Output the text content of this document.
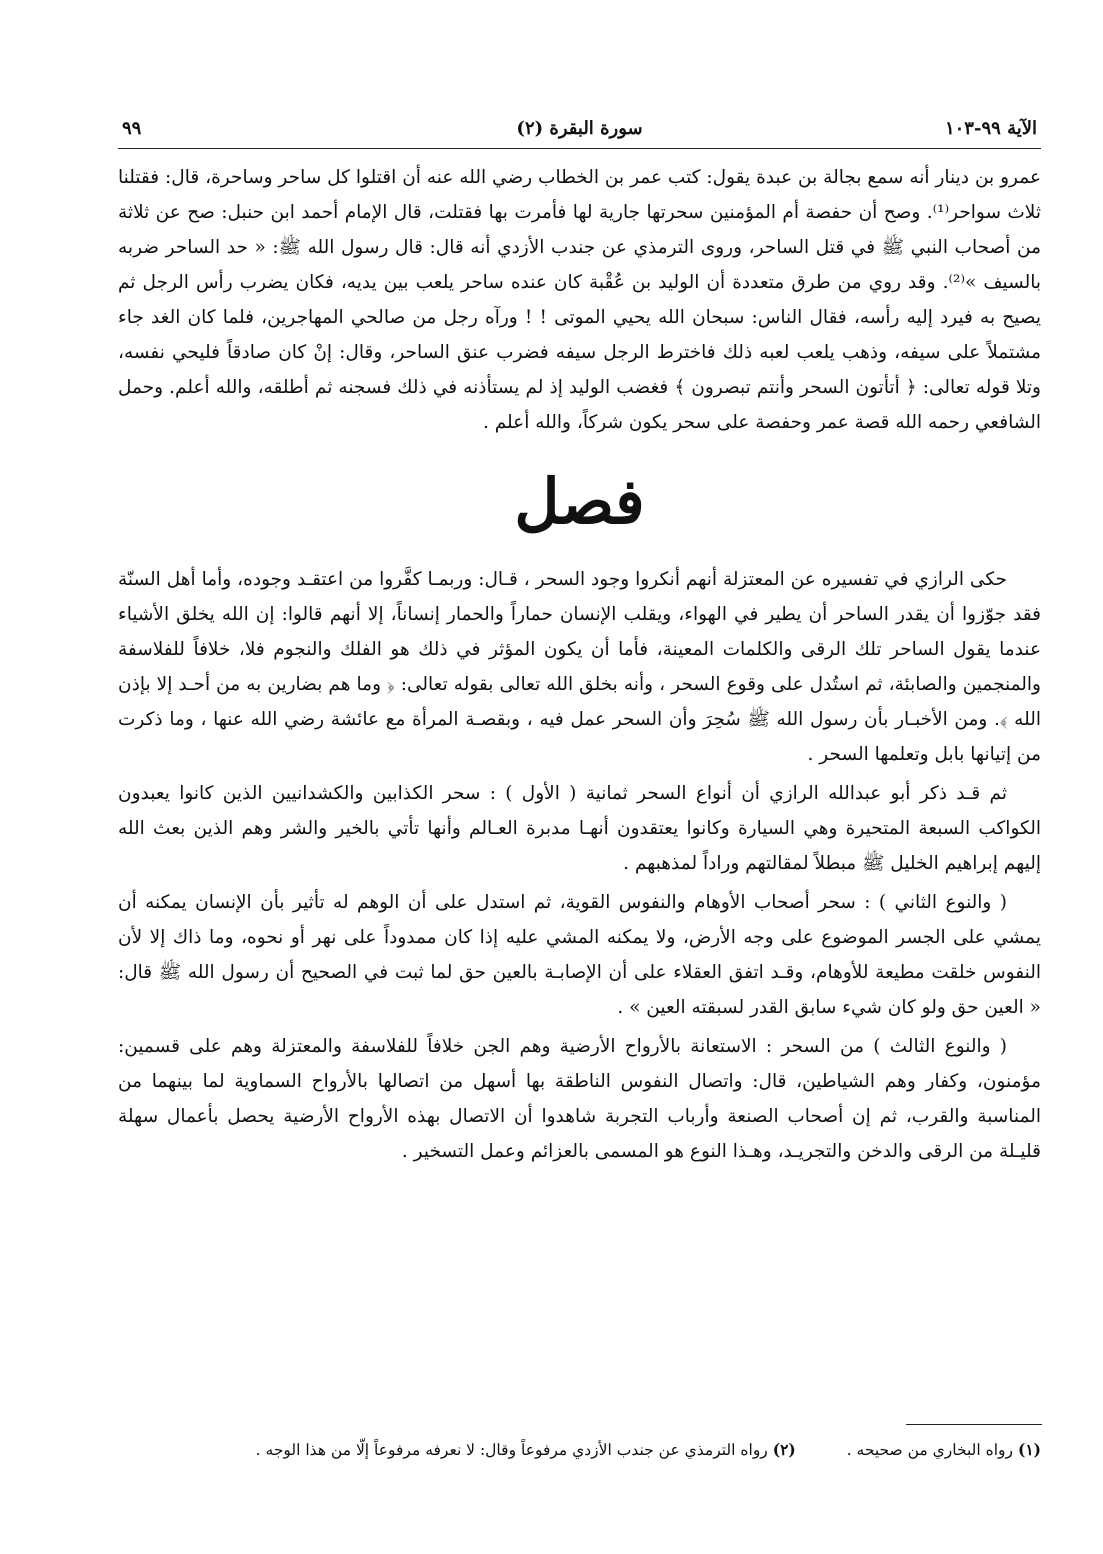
٩٩	(٢) سورة البقرة	الآية ٩٩-١٠٣

عمرو بن دينار أنه سمع بجالة بن عبدة يقول: كتب عمر بن الخطاب رضي الله عنه أن اقتلوا كل ساحر وساحرة، قال: فقتلنا ثلاث سواحر⁽¹⁾. وصح أن حفصة أم المؤمنين سحرتها جارية لها فأمرت بها فقتلت، قال الإمام أحمد ابن حنبل: صح عن ثلاثة من أصحاب النبي ﷺ في قتل الساحر، وروى الترمذي عن جندب الأزدي أنه قال: قال رسول الله ﷺ: « حد الساحر ضربه بالسيف »⁽²⁾. وقد روي من طرق متعددة أن الوليد بن عُقْبة كان عنده ساحر يلعب بين يديه، فكان يضرب رأس الرجل ثم يصيح به فيرد إليه رأسه، فقال الناس: سبحان الله يحيي الموتى ! ! ورآه رجل من صالحي المهاجرين، فلما كان الغد جاء مشتملاً على سيفه، وذهب يلعب لعبه ذلك فاخترط الرجل سيفه فضرب عنق الساحر، وقال: إنْ كان صادقاً فليحي نفسه، وتلا قوله تعالى: ﴿ أتأتون السحر وأنتم تبصرون ﴾ فغضب الوليد إذ لم يستأذنه في ذلك فسجنه ثم أطلقه، والله أعلم. وحمل الشافعي رحمه الله قصة عمر وحفصة على سحر يكون شركاً، والله أعلم .

فصل

حكى الرازي في تفسيره عن المعتزلة أنهم أنكروا وجود السحر ، قـال: وربمـا كفَّروا من اعتقـد وجوده، وأما أهل السنّة فقد جوّزوا أن يقدر الساحر أن يطير في الهواء، ويقلب الإنسان حماراً والحمار إنساناً، إلا أنهم قالوا: إن الله يخلق الأشياء عندما يقول الساحر تلك الرقى والكلمات المعينة، فأما أن يكون المؤثر في ذلك هو الفلك والنجوم فلا، خلافاً للفلاسفة والمنجمين والصابئة، ثم استُدل على وقوع السحر ، وأنه بخلق الله تعالى بقوله تعالى: ﴿ وما هم بضارين به من أحـد إلا بإذن الله ﴾. ومن الأخبـار بأن رسول الله ﷺ سُحِرَ وأن السحر عمل فيه ، وبقصـة المرأة مع عائشة رضي الله عنها ، وما ذكرت من إتيانها بابل وتعلمها السحر .

ثم قـد ذكر أبو عبدالله الرازي أن أنواع السحر ثمانية ( الأول ) : سحر الكذابين والكشدانيين الذين كانوا يعبدون الكواكب السبعة المتحيرة وهي السيارة وكانوا يعتقدون أنهـا مدبرة العـالم وأنها تأتي بالخير والشر وهم الذين بعث الله إليهم إبراهيم الخليل ﷺ مبطلاً لمقالتهم وراداً لمذهبهم .

( والنوع الثاني ) : سحر أصحاب الأوهام والنفوس القوية، ثم استدل على أن الوهم له تأثير بأن الإنسان يمكنه أن يمشي على الجسر الموضوع على وجه الأرض، ولا يمكنه المشي عليه إذا كان ممدوداً على نهر أو نحوه، وما ذاك إلا لأن النفوس خلقت مطيعة للأوهام، وقـد اتفق العقلاء على أن الإصابـة بالعين حق لما ثبت في الصحيح أن رسول الله ﷺ قال: « العين حق ولو كان شيء سابق القدر لسبقته العين » .

( والنوع الثالث ) من السحر : الاستعانة بالأرواح الأرضية وهم الجن خلافاً للفلاسفة والمعتزلة وهم على قسمين: مؤمنون، وكفار وهم الشياطين، قال: واتصال النفوس الناطقة بها أسهل من اتصالها بالأرواح السماوية لما بينهما من المناسبة والقرب، ثم إن أصحاب الصنعة وأرباب التجربة شاهدوا أن الاتصال بهذه الأرواح الأرضية يحصل بأعمال سهلة قليـلة من الرقى والدخن والتجريـد، وهـذا النوع هو المسمى بالعزائم وعمل التسخير .

(١) رواه البخاري من صحيحه . (٢) رواه الترمذي عن جندب الأزدي مرفوعاً وقال: لا نعرفه مرفوعاً إلّا من هذا الوجه .
